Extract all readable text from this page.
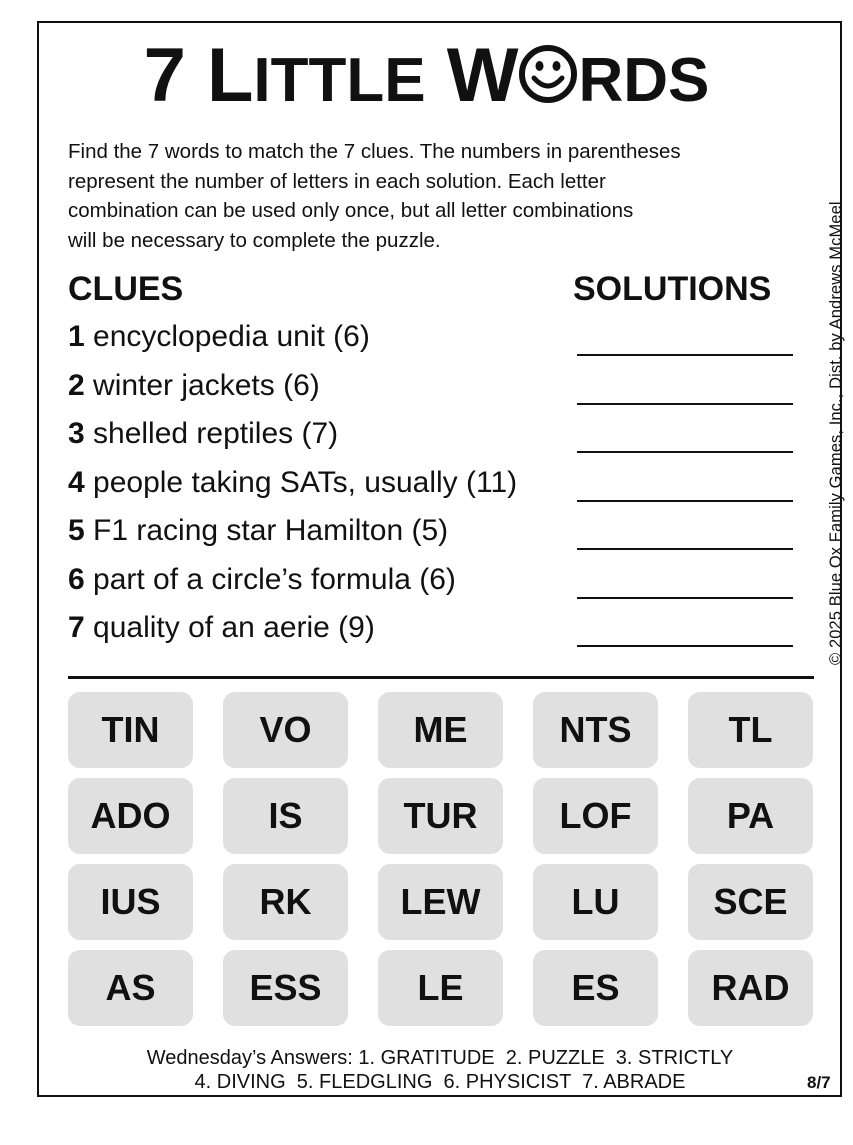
7 LITTLE W RDS
Find the 7 words to match the 7 clues. The numbers in parentheses
represent the number of letters in each solution. Each letter
combination can be used only once, but all letter combinations
will be necessary to complete the puzzle.	© 2025 Blue Ox Family Games, Inc., Dist. by Andrews McMeel
CLUES	SOLUTIONS
1 encyclopedia unit (6)
2 winter jackets (6)
3 shelled reptiles (7)
4 people taking SATs, usually (11)
5 F1 racing star Hamilton (5)
6 part of a circle’s formula (6)
7 quality of an aerie (9)
TIN	VO	ME	NTS	TL
ADO	IS	TUR	LOF	PA
IUS	RK	LEW	LU	SCE
AS	ESS	LE	ES	RAD
Wednesday’s Answers: 1. GRATITUDE  2. PUZZLE  3. STRICTLY
4. DIVING  5. FLEDGLING  6. PHYSICIST  7. ABRADE	8/7
